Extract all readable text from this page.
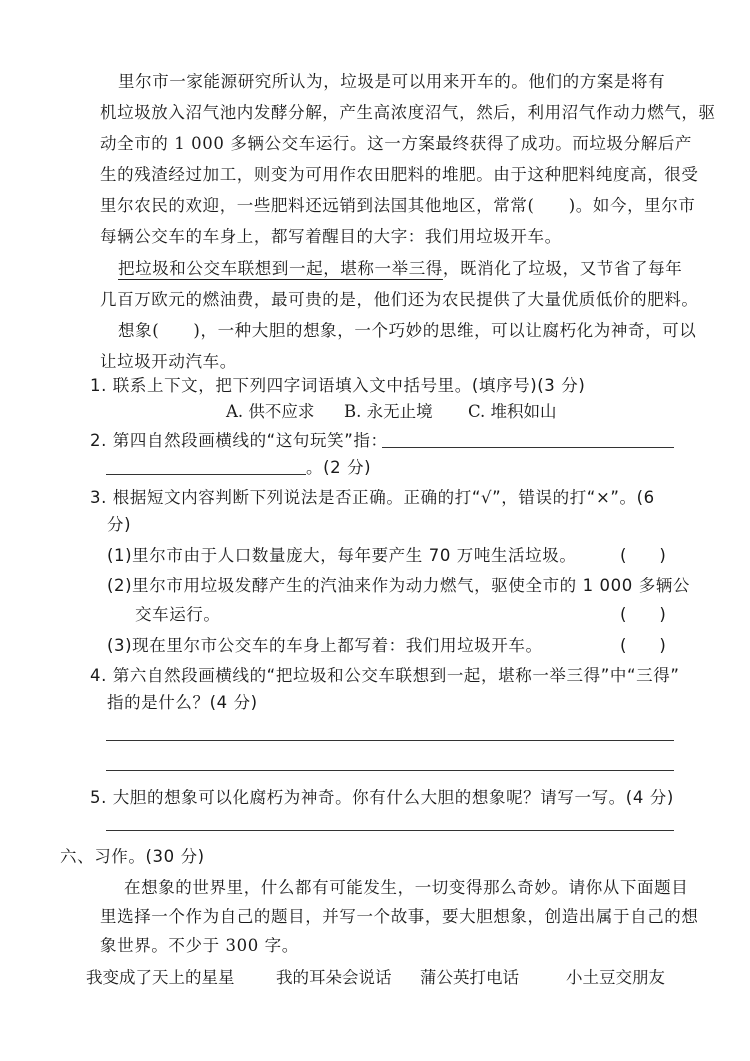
里尔市一家能源研究所认为，垃圾是可以用来开车的。他们的方案是将有
机垃圾放入沼气池内发酵分解，产生高浓度沼气，然后，利用沼气作动力燃气，驱
动全市的 1 000 多辆公交车运行。这一方案最终获得了成功。而垃圾分解后产
生的残渣经过加工，则变为可用作农田肥料的堆肥。由于这种肥料纯度高，很受
里尔农民的欢迎，一些肥料还远销到法国其他地区，常常(　　)。如今，里尔市
每辆公交车的车身上，都写着醒目的大字：我们用垃圾开车。
把垃圾和公交车联想到一起，堪称一举三得，既消化了垃圾，又节省了每年
几百万欧元的燃油费，最可贵的是，他们还为农民提供了大量优质低价的肥料。
想象(　　)，一种大胆的想象，一个巧妙的思维，可以让腐朽化为神奇，可以
让垃圾开动汽车。
1. 联系上下文，把下列四字词语填入文中括号里。(填序号)(3 分)
A. 供不应求 B. 永无止境 C. 堆积如山
2. 第四自然段画横线的“这句玩笑”指：
。(2 分)
3. 根据短文内容判断下列说法是否正确。正确的打“√”，错误的打“×”。(6
分)
(1)里尔市由于人口数量庞大，每年要产生 70 万吨生活垃圾。	(　　)
(2)里尔市用垃圾发酵产生的汽油来作为动力燃气，驱使全市的 1 000 多辆公
交车运行。	(　　)
(3)现在里尔市公交车的车身上都写着：我们用垃圾开车。	(　　)
4. 第六自然段画横线的“把垃圾和公交车联想到一起，堪称一举三得”中“三得”
指的是什么？(4 分)
5. 大胆的想象可以化腐朽为神奇。你有什么大胆的想象呢？请写一写。(4 分)
六、习作。(30 分)
在想象的世界里，什么都有可能发生，一切变得那么奇妙。请你从下面题目
里选择一个作为自己的题目，并写一个故事，要大胆想象，创造出属于自己的想
象世界。不少于 300 字。
我变成了天上的星星	我的耳朵会说话 蒲公英打电话	小土豆交朋友
